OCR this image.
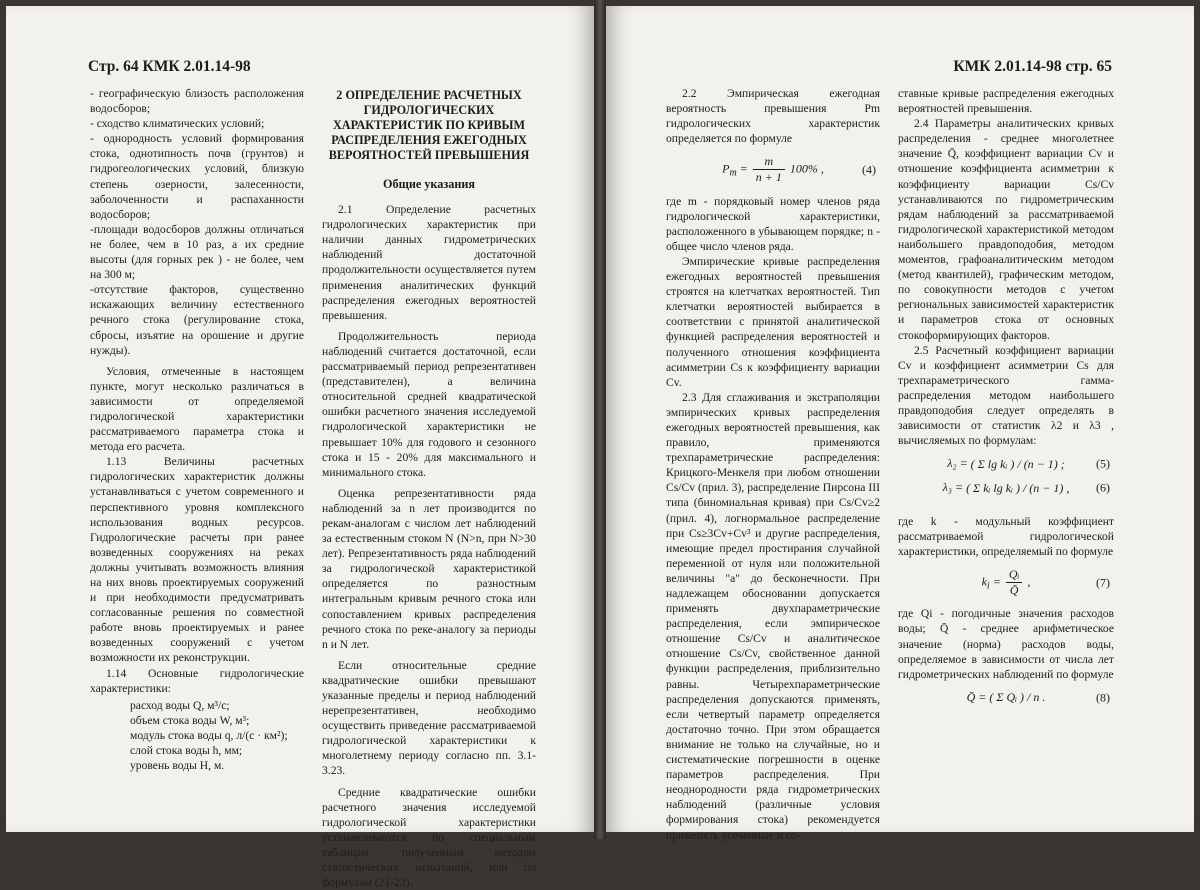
Стр. 64 КМК 2.01.14-98

- географическую близость расположения водосборов;

- сходство климатических условий;

- однородность условий формирования стока, однотипность почв (грунтов) и гидрогеологических условий, близкую степень озерности, залесенности, заболоченности и распаханности водосборов;

-площади водосборов должны отличаться не более, чем в 10 раз, а их средние высоты (для горных рек ) - не более, чем на 300 м;

-отсутствие факторов, существенно искажающих величину естественного речного стока (регулирование стока, сбросы, изъятие на орошение и другие нужды).

Условия, отмеченные в настоящем пункте, могут несколько различаться в зависимости от определяемой гидрологической характеристики рассматриваемого параметра стока и метода его расчета.

1.13 Величины расчетных гидрологических характеристик должны устанавливаться с учетом современного и перспективного уровня комплексного использования водных ресурсов. Гидрологические расчеты при ранее возведенных сооружениях на реках должны учитывать возможность влияния на них вновь проектируемых сооружений и при необходимости предусматривать согласованные решения по совместной работе вновь проектируемых и ранее возведенных сооружений с учетом возможности их реконструкции.

1.14 Основные гидрологические характеристики:

расход воды Q, м³/с;
объем стока воды W, м³;
модуль стока воды q, л/(с · км²);
слой стока воды h, мм;
уровень воды H, м.
2 ОПРЕДЕЛЕНИЕ РАСЧЕТНЫХ ГИДРОЛОГИЧЕСКИХ ХАРАКТЕРИСТИК ПО КРИВЫМ РАСПРЕДЕЛЕНИЯ ЕЖЕГОДНЫХ ВЕРОЯТНОСТЕЙ ПРЕВЫШЕНИЯ
Общие указания

2.1 Определение расчетных гидрологических характеристик при наличии данных гидрометрических наблюдений достаточной продолжительности осуществляется путем применения аналитических функций распределения ежегодных вероятностей превышения.

Продолжительность периода наблюдений считается достаточной, если рассматриваемый период репрезентативен (представителен), а величина относительной средней квадратической ошибки расчетного значения исследуемой гидрологической характеристики не превышает 10% для годового и сезонного стока и 15 - 20% для максимального и минимального стока.

Оценка репрезентативности ряда наблюдений за n лет производится по рекам-аналогам с числом лет наблюдений за естественным стоком N (N>n, при N>30 лет). Репрезентативность ряда наблюдений за гидрологической характеристикой определяется по разностным интегральным кривым речного стока или сопоставлением кривых распределения речного стока по реке-аналогу за периоды n и N лет.

Если относительные средние квадратические ошибки превышают указанные пределы и период наблюдений нерепрезентативен, необходимо осуществить приведение рассматриваемой гидрологической характеристики к многолетнему периоду согласно пп. 3.1-3.23.

Средние квадратические ошибки расчетного значения исследуемой гидрологической характеристики устанавливаются по специальным таблицам, полученным методом статистических испытаний, или по формулам (21-23).

КМК 2.01.14-98 стр. 65

2.2 Эмпирическая ежегодная вероятность превышения Pm гидрологических характеристик определяется по формуле

$P_m = \frac{m}{n + 1} 100\%$ ,	(4)

где m - порядковый номер членов ряда гидрологической характеристики, расположенного в убывающем порядке; n - общее число членов ряда.

Эмпирические кривые распределения ежегодных вероятностей превышения строятся на клетчатках вероятностей. Тип клетчатки вероятностей выбирается в соответствии с принятой аналитической функцией распределения вероятностей и полученного отношения коэффициента асимметрии Cs к коэффициенту вариации Cv.

2.3 Для сглаживания и экстраполяции эмпирических кривых распределения ежегодных вероятностей превышения, как правило, применяются трехпараметрические распределения: Крицкого-Менкеля при любом отношении Cs/Cv (прил. 3), распределение Пирсона III типа (биномиальная кривая) при Cs/Cv≥2 (прил. 4), логнормальное распределение при Cs≥3Cv+Cv³ и другие распределения, имеющие предел простирания случайной переменной от нуля или положительной величины "а" до бесконечности. При надлежащем обосновании допускается применять двухпараметрические распределения, если эмпирическое отношение Cs/Cv и аналитическое отношение Cs/Cv, свойственное данной функции распределения, приблизительно равны. Четырехпараметрические распределения допускаются применять, если четвертый параметр определяется достаточно точно. При этом обращается внимание не только на случайные, но и систематические погрешности в оценке параметров распределения. При неоднородности ряда гидрометрических наблюдений (различные условия формирования стока) рекомендуется применять усеченные и со-

ставные кривые распределения ежегодных вероятностей превышения.

2.4 Параметры аналитических кривых распределения - среднее многолетнее значение Q̄, коэффициент вариации Cv и отношение коэффициента асимметрии к коэффициенту вариации Cs/Cv устанавливаются по гидрометрическим рядам наблюдений за рассматриваемой гидрологической характеристикой методом наибольшего правдоподобия, методом моментов, графоаналитическим методом (метод квантилей), графическим методом, по совокупности методов с учетом региональных зависимостей характеристик и параметров стока от основных стокоформирующих факторов.

2.5 Расчетный коэффициент вариации Cv и коэффициент асимметрии Cs для трехпараметрического гамма-распределения методом наибольшего правдоподобия следует определять в зависимости от статистик λ2 и λ3 , вычисляемых по формулам:

λ₂ = ( Σ lg kᵢ ) / (n − 1) ;	(5)
λ₃ = ( Σ kᵢ lg kᵢ ) / (n − 1) , (6)

где k - модульный коэффициент рассматриваемой гидрологической характеристики, определяемый по формуле

$k_i = \frac{\text{Qᵢ}}{Q̄}$ ,	(7)

где Qi - погодичные значения расходов воды; Q̄ - среднее арифметическое значение (норма) расходов воды, определяемое в зависимости от числа лет гидрометрических наблюдений по формуле

Q̄ = ( Σ Qᵢ ) / n .	(8)
